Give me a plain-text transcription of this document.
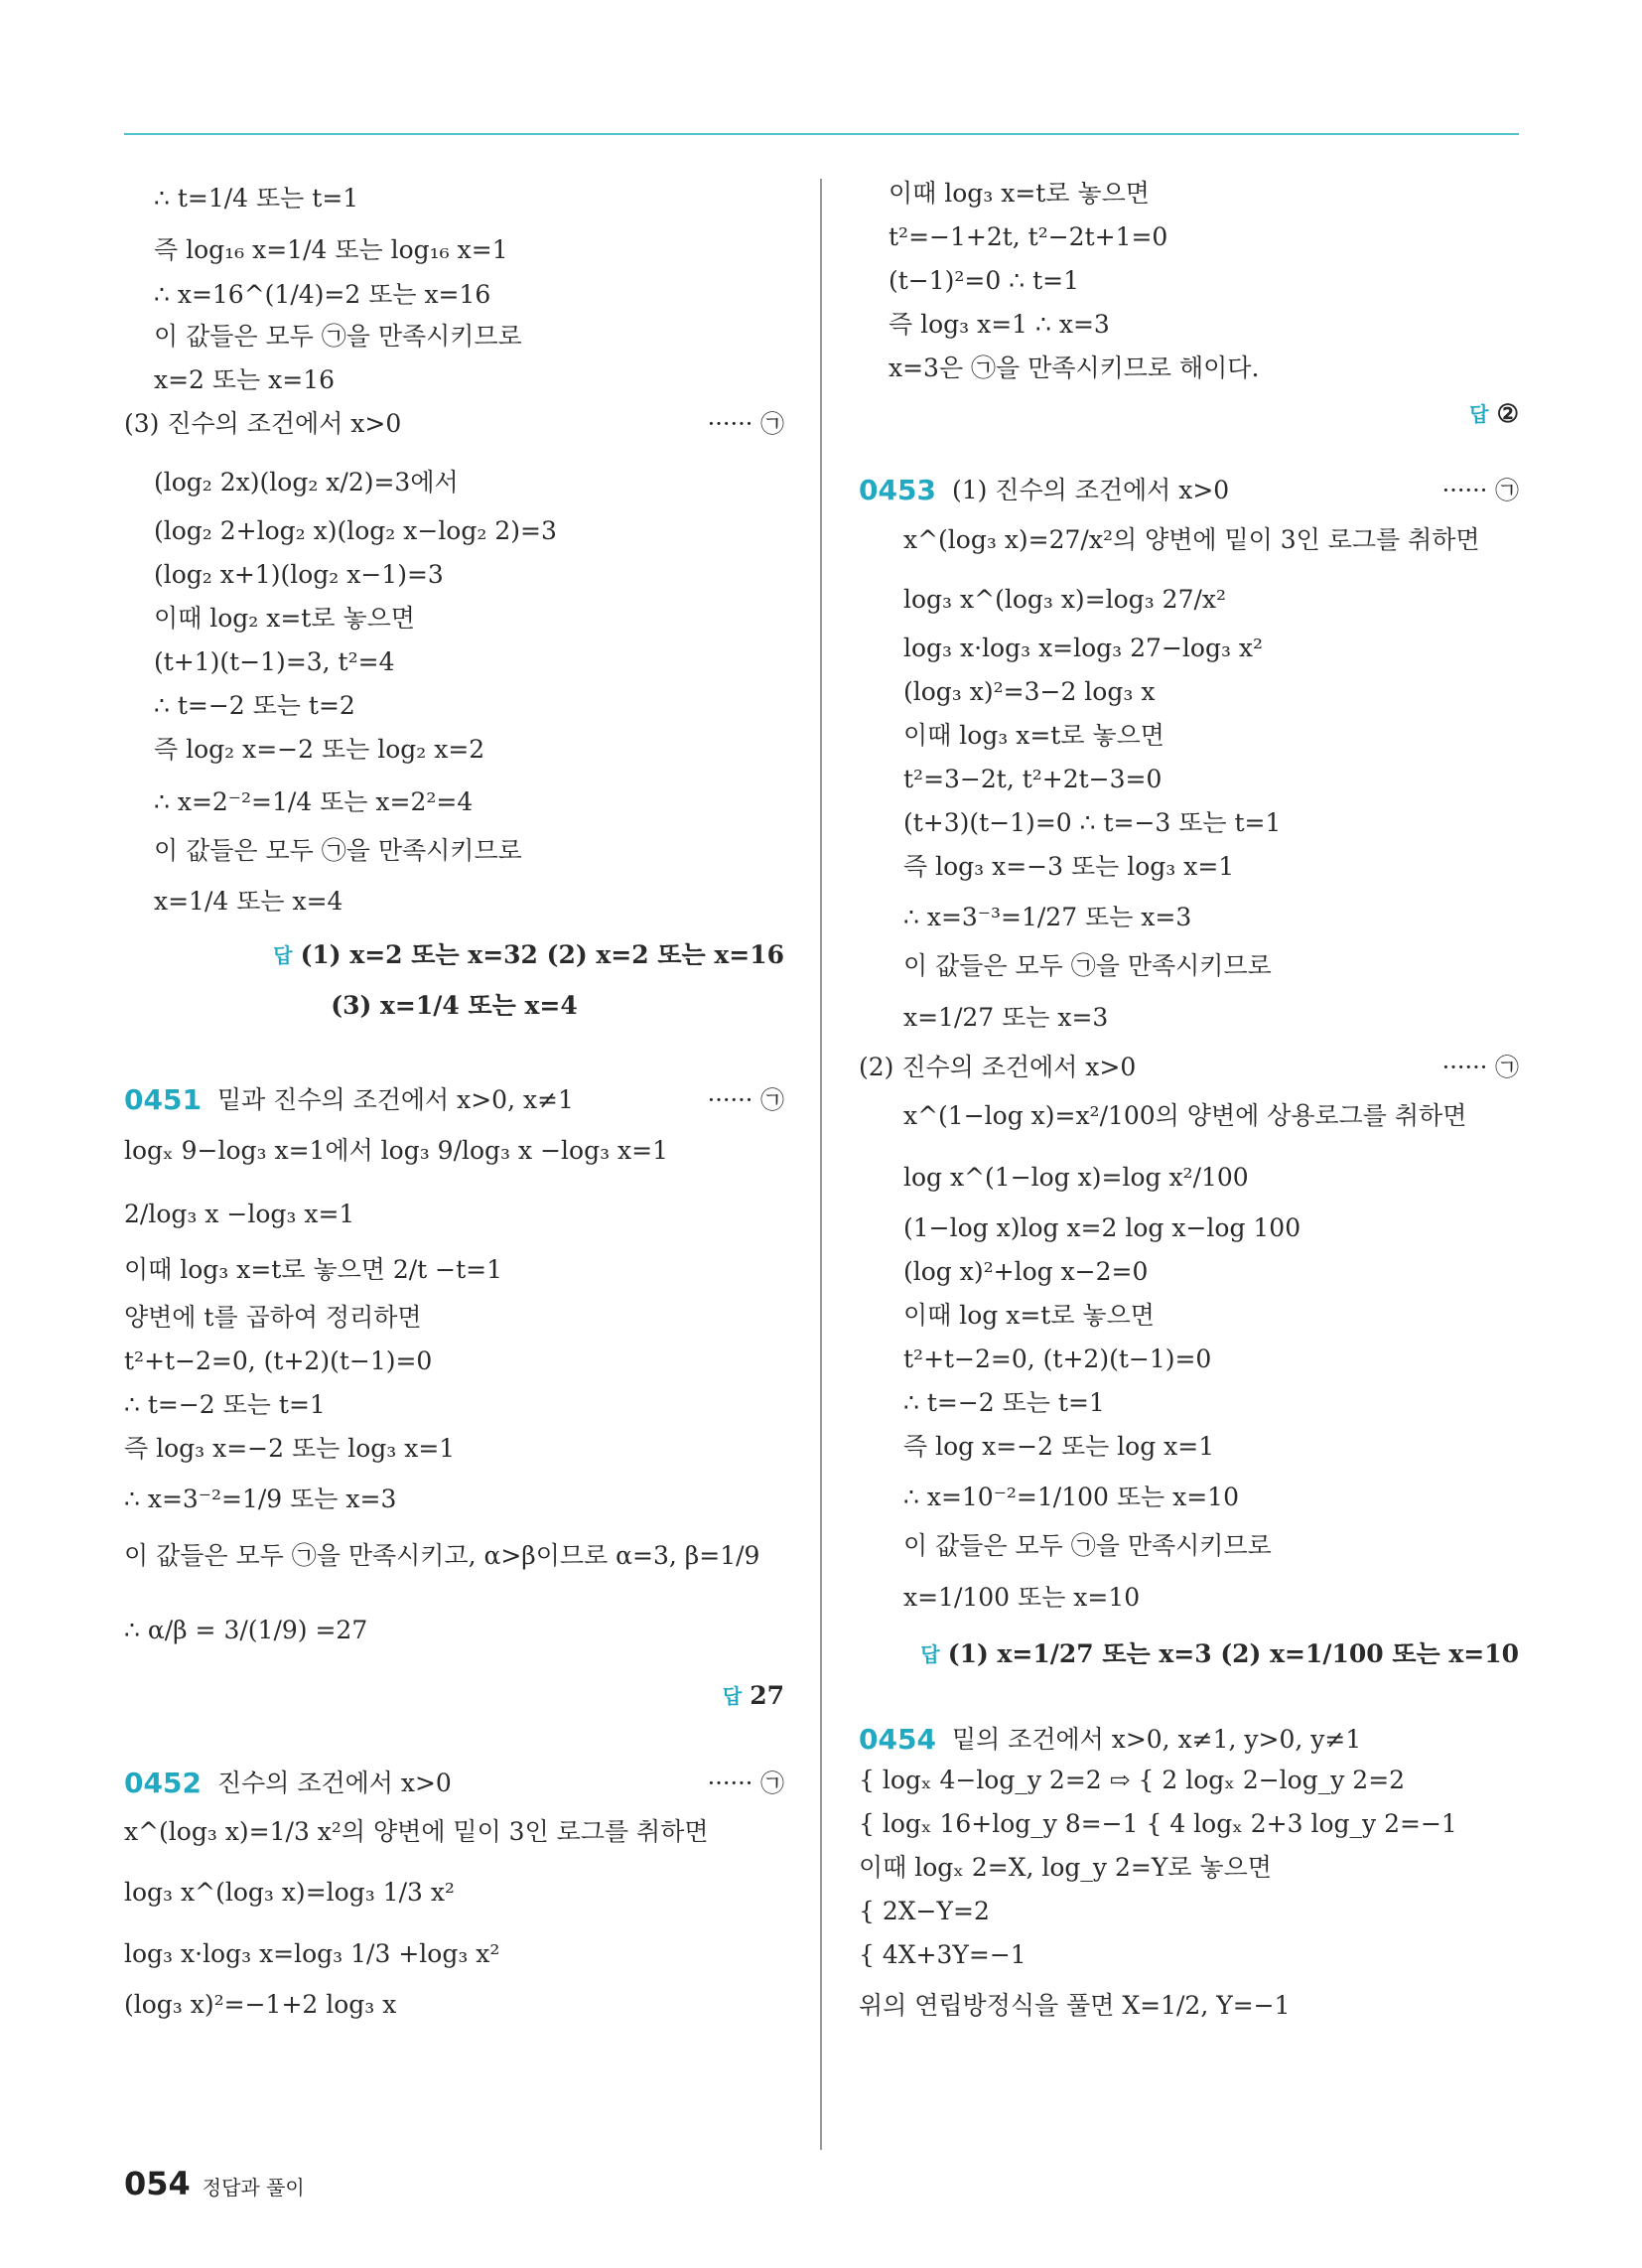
∴ t=1/4 또는 t=1
즉 log₁₆ x=1/4 또는 log₁₆ x=1
∴ x=16^(1/4)=2 또는 x=16
이 값들은 모두 ㉠을 만족시키므로
x=2 또는 x=16
(3) 진수의 조건에서 x>0	······ ㉠
(log₂ 2x)(log₂ x/2)=3에서
(log₂ 2+log₂ x)(log₂ x−log₂ 2)=3
(log₂ x+1)(log₂ x−1)=3
이때 log₂ x=t로 놓으면
(t+1)(t−1)=3, t²=4
∴ t=−2 또는 t=2
즉 log₂ x=−2 또는 log₂ x=2
∴ x=2⁻²=1/4 또는 x=2²=4
이 값들은 모두 ㉠을 만족시키므로
x=1/4 또는 x=4
답 (1) x=2 또는 x=32 (2) x=2 또는 x=16
(3) x=1/4 또는 x=4
0451 밑과 진수의 조건에서 x>0, x≠1	······ ㉠
logₓ 9−log₃ x=1에서 log₃ 9/log₃ x −log₃ x=1
2/log₃ x −log₃ x=1
이때 log₃ x=t로 놓으면 2/t −t=1
양변에 t를 곱하여 정리하면
t²+t−2=0, (t+2)(t−1)=0
∴ t=−2 또는 t=1
즉 log₃ x=−2 또는 log₃ x=1
∴ x=3⁻²=1/9 또는 x=3
이 값들은 모두 ㉠을 만족시키고, α>β이므로 α=3, β=1/9
∴ α/β = 3/(1/9) =27
답 27
0452 진수의 조건에서 x>0	······ ㉠
x^(log₃ x)=1/3 x²의 양변에 밑이 3인 로그를 취하면
log₃ x^(log₃ x)=log₃ 1/3 x²
log₃ x·log₃ x=log₃ 1/3 +log₃ x²
(log₃ x)²=−1+2 log₃ x
이때 log₃ x=t로 놓으면
t²=−1+2t, t²−2t+1=0
(t−1)²=0 ∴ t=1
즉 log₃ x=1 ∴ x=3
x=3은 ㉠을 만족시키므로 해이다.
답 ②
0453 (1) 진수의 조건에서 x>0	······ ㉠
x^(log₃ x)=27/x²의 양변에 밑이 3인 로그를 취하면
log₃ x^(log₃ x)=log₃ 27/x²
log₃ x·log₃ x=log₃ 27−log₃ x²
(log₃ x)²=3−2 log₃ x
이때 log₃ x=t로 놓으면
t²=3−2t, t²+2t−3=0
(t+3)(t−1)=0 ∴ t=−3 또는 t=1
즉 log₃ x=−3 또는 log₃ x=1
∴ x=3⁻³=1/27 또는 x=3
이 값들은 모두 ㉠을 만족시키므로
x=1/27 또는 x=3
(2) 진수의 조건에서 x>0	······ ㉠
x^(1−log x)=x²/100의 양변에 상용로그를 취하면
log x^(1−log x)=log x²/100
(1−log x)log x=2 log x−log 100
(log x)²+log x−2=0
이때 log x=t로 놓으면
t²+t−2=0, (t+2)(t−1)=0
∴ t=−2 또는 t=1
즉 log x=−2 또는 log x=1
∴ x=10⁻²=1/100 또는 x=10
이 값들은 모두 ㉠을 만족시키므로
x=1/100 또는 x=10
답 (1) x=1/27 또는 x=3 (2) x=1/100 또는 x=10
0454 밑의 조건에서 x>0, x≠1, y>0, y≠1
{ logₓ 4−log_y 2=2 ⇨ { 2 logₓ 2−log_y 2=2
{ logₓ 16+log_y 8=−1 { 4 logₓ 2+3 log_y 2=−1
이때 logₓ 2=X, log_y 2=Y로 놓으면
{ 2X−Y=2
{ 4X+3Y=−1
위의 연립방정식을 풀면 X=1/2, Y=−1
054 정답과 풀이
